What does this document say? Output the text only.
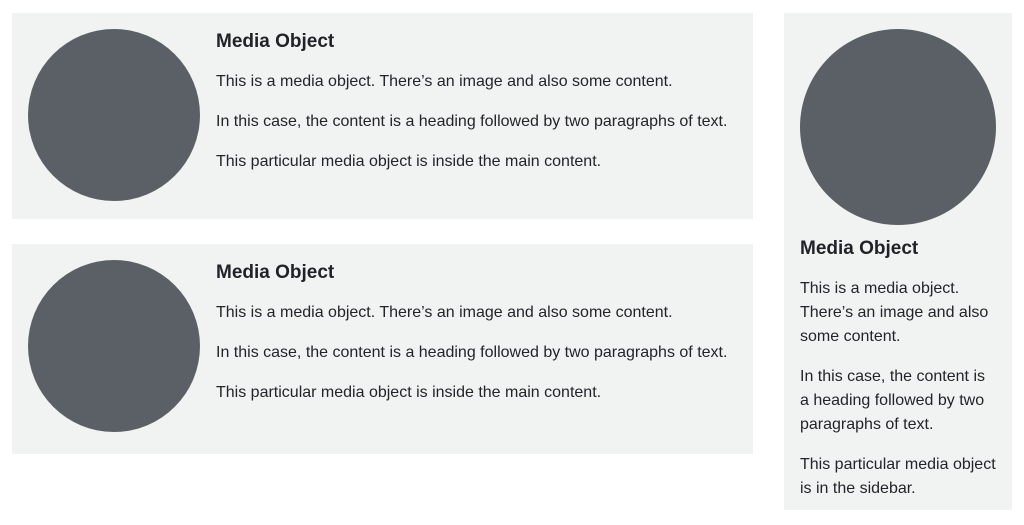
Media Object

This is a media object. There’s an image and also some content.

In this case, the content is a heading followed by two paragraphs of text.

This particular media object is inside the main content.

Media Object

This is a media object. There’s an image and also some content.

In this case, the content is a heading followed by two paragraphs of text.

This particular media object is inside the main content.

Media Object

This is a media object. There’s an image and also some content.

In this case, the content is a heading followed by two paragraphs of text.

This particular media object is in the sidebar.
